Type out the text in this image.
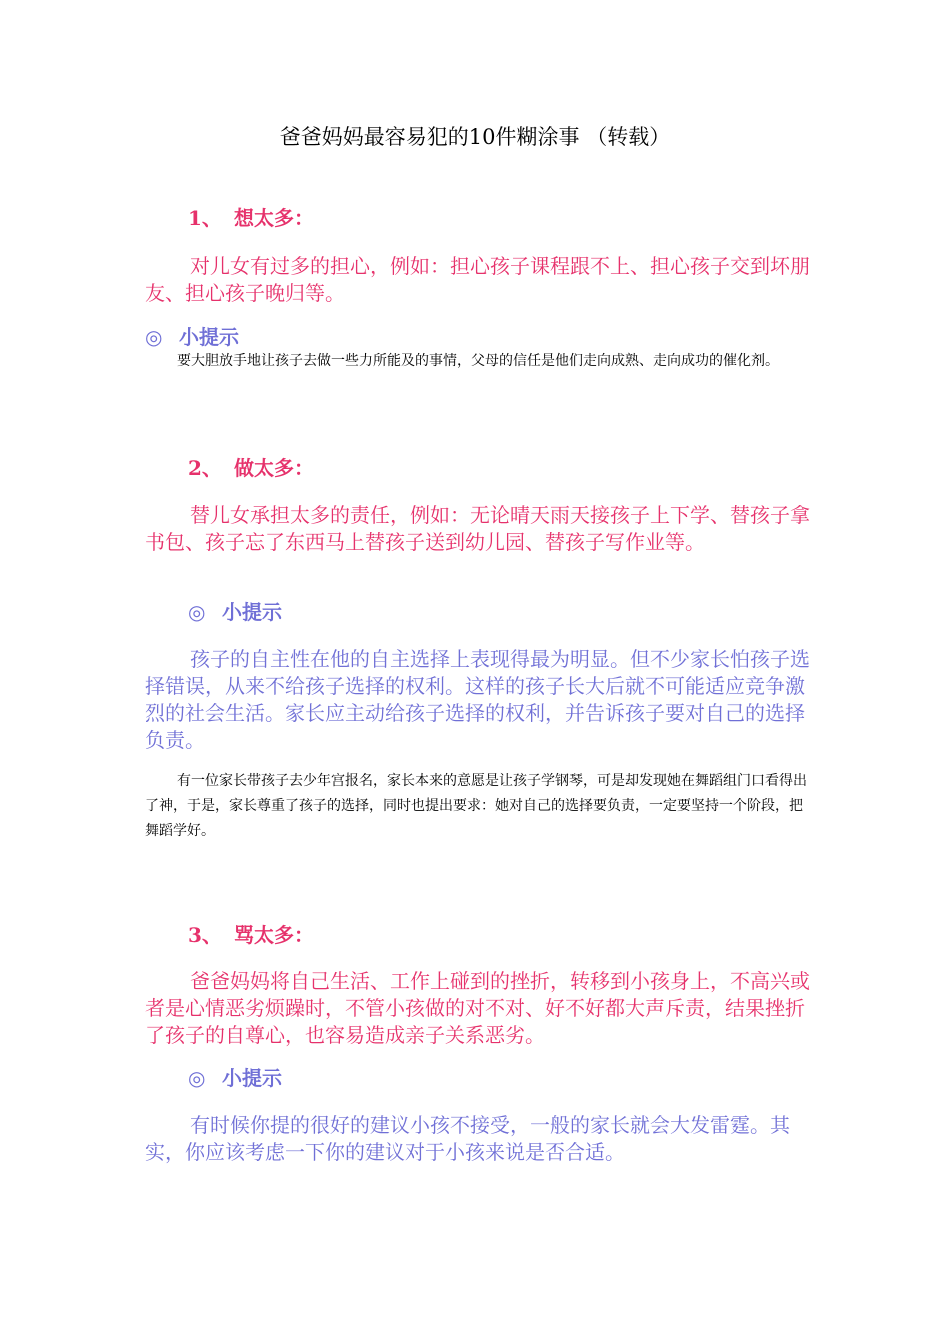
爸爸妈妈最容易犯的10件糊涂事 （转载）
1、 想太多：

对儿女有过多的担心，例如：担心孩子课程跟不上、担心孩子交到坏朋友、担心孩子晚归等。

◎ 小提示

要大胆放手地让孩子去做一些力所能及的事情，父母的信任是他们走向成熟、走向成功的催化剂。

2、 做太多：

替儿女承担太多的责任，例如：无论晴天雨天接孩子上下学、替孩子拿书包、孩子忘了东西马上替孩子送到幼儿园、替孩子写作业等。

◎ 小提示

孩子的自主性在他的自主选择上表现得最为明显。但不少家长怕孩子选择错误，从来不给孩子选择的权利。这样的孩子长大后就不可能适应竞争激烈的社会生活。家长应主动给孩子选择的权利，并告诉孩子要对自己的选择负责。

有一位家长带孩子去少年宫报名，家长本来的意愿是让孩子学钢琴，可是却发现她在舞蹈组门口看得出了神，于是，家长尊重了孩子的选择，同时也提出要求：她对自己的选择要负责，一定要坚持一个阶段，把舞蹈学好。

3、 骂太多：

爸爸妈妈将自己生活、工作上碰到的挫折，转移到小孩身上，不高兴或者是心情恶劣烦躁时，不管小孩做的对不对、好不好都大声斥责，结果挫折了孩子的自尊心，也容易造成亲子关系恶劣。

◎ 小提示

有时候你提的很好的建议小孩不接受，一般的家长就会大发雷霆。其实，你应该考虑一下你的建议对于小孩来说是否合适。
